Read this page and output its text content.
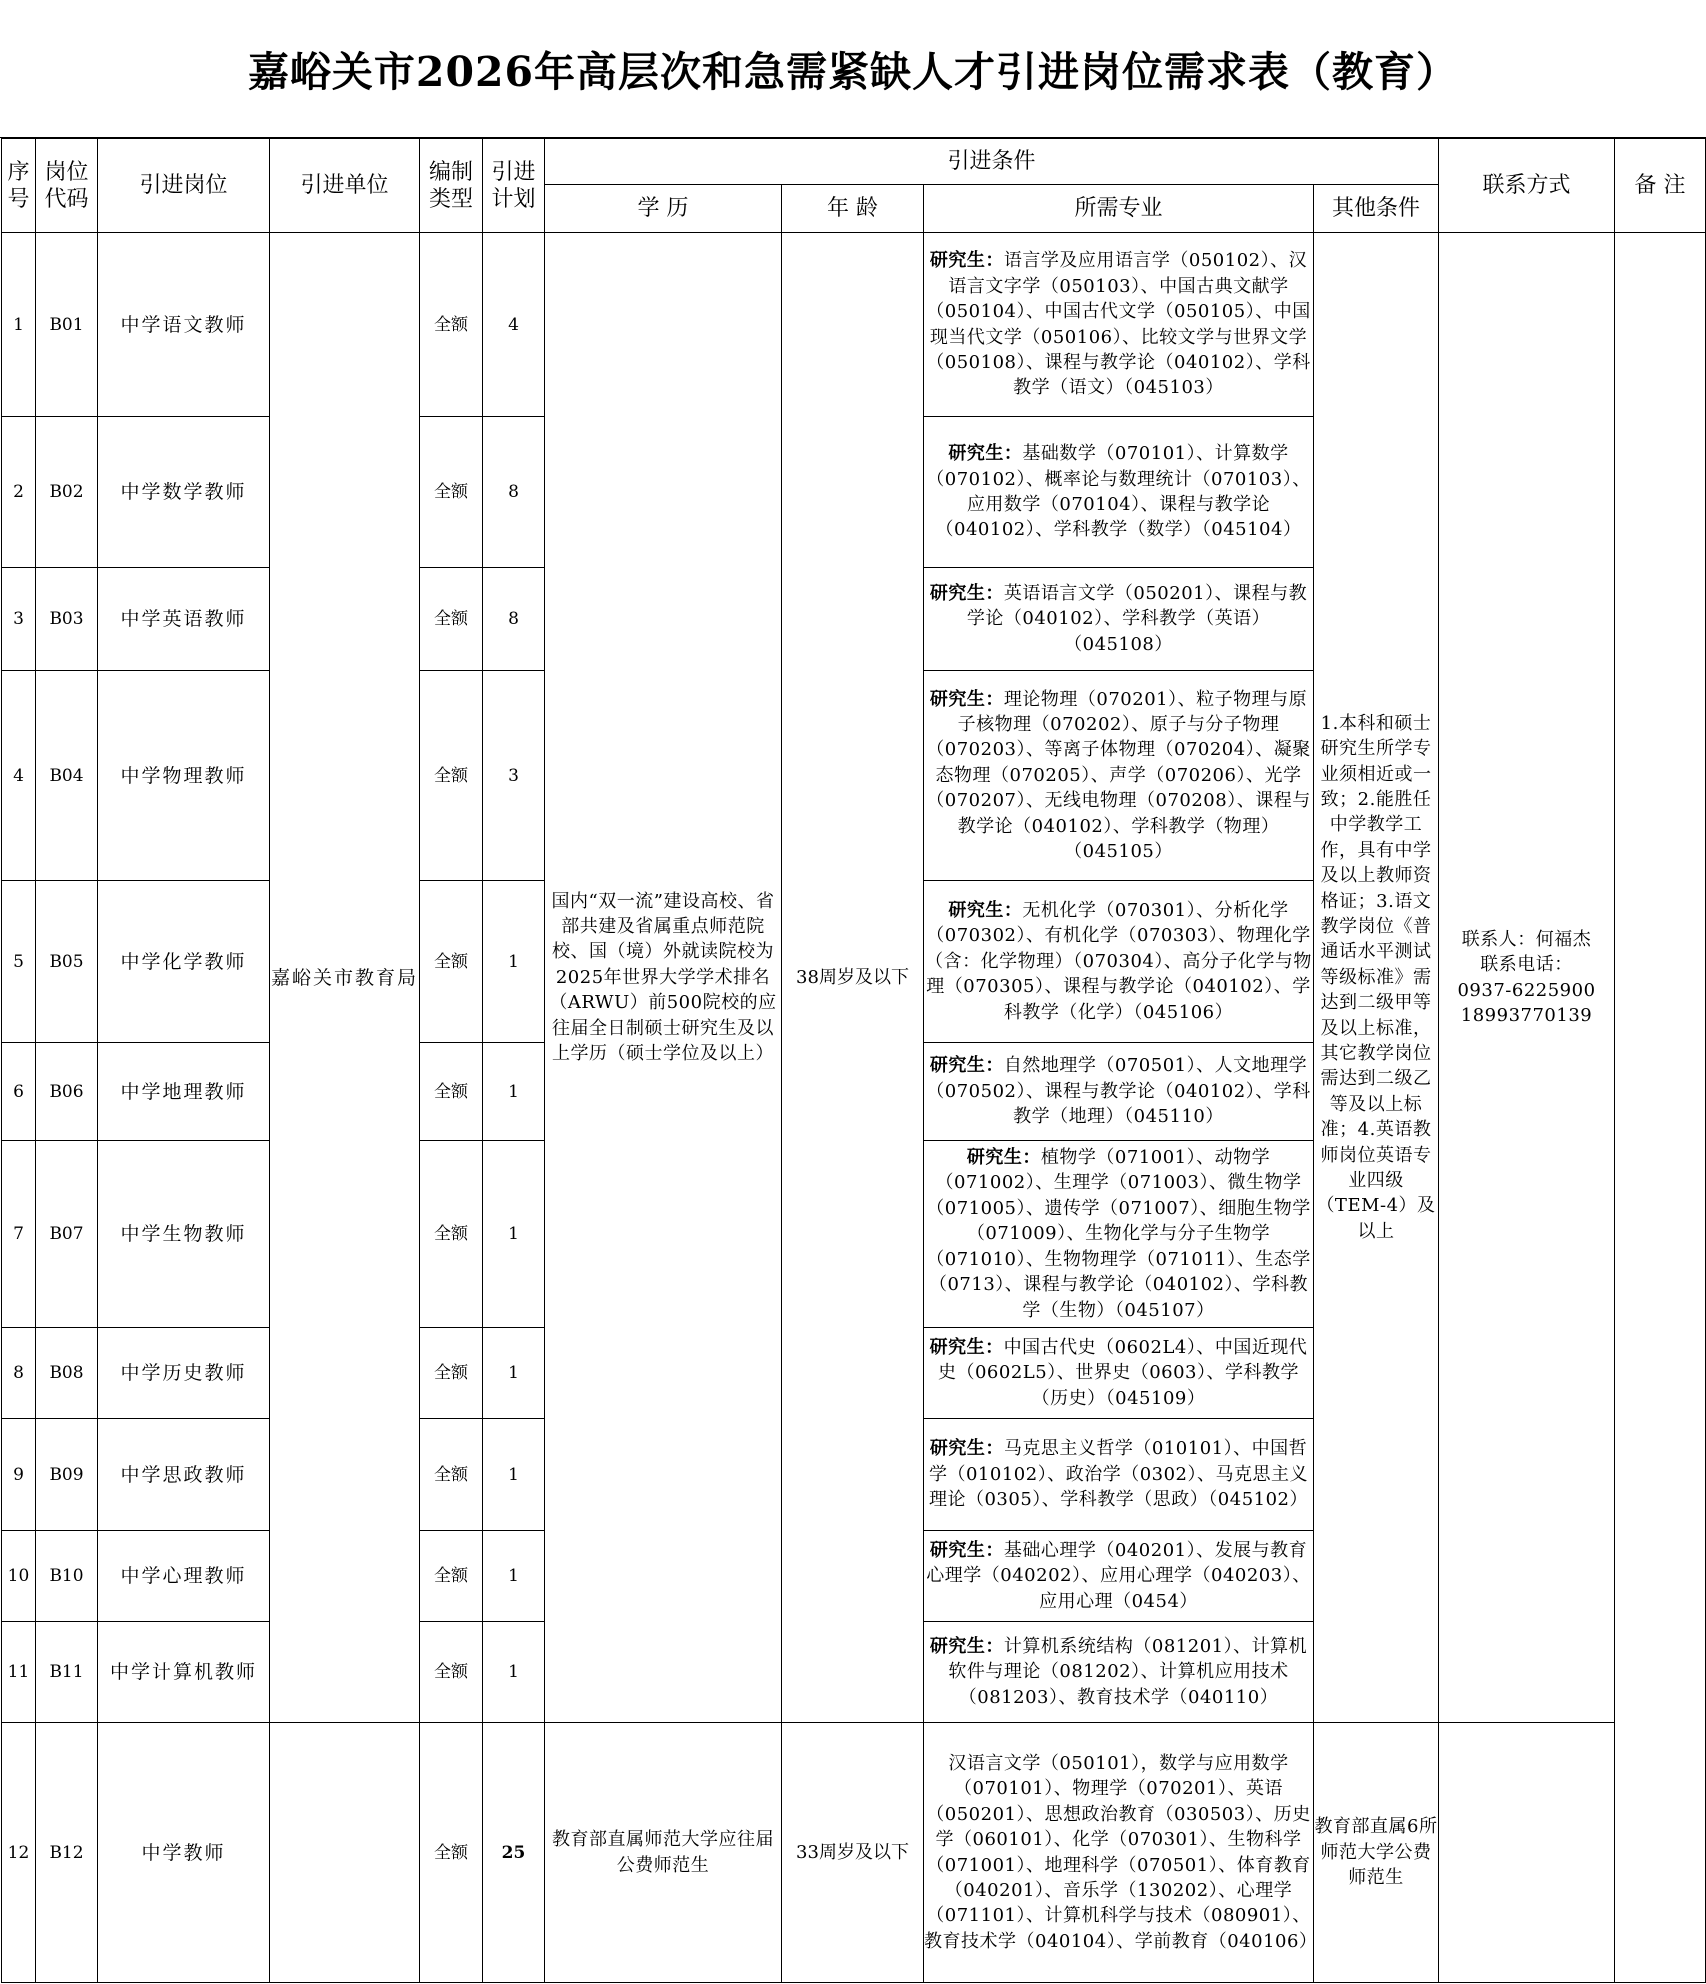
嘉峪关市2026年高层次和急需紧缺人才引进岗位需求表（教育）
序号	岗位代码	引进岗位	引进单位	编制类型	引进计划	引进条件				联系方式	备 注
						学 历	年 龄	所需专业	其他条件		
1	B01	中学语文教师	嘉峪关市教育局	全额	4	国内“双一流”建设高校、省部共建及省属重点师范院校、国（境）外就读院校为2025年世界大学学术排名（ARWU）前500院校的应往届全日制硕士研究生及以上学历（硕士学位及以上）	38周岁及以下	研究生：语言学及应用语言学（050102）、汉语言文字学（050103）、中国古典文献学（050104）、中国古代文学（050105）、中国现当代文学（050106）、比较文学与世界文学（050108）、课程与教学论（040102）、学科教学（语文）（045103）	1.本科和硕士研究生所学专业须相近或一致；2.能胜任中学教学工作，具有中学及以上教师资格证；3.语文教学岗位《普通话水平测试等级标准》需达到二级甲等及以上标准，其它教学岗位需达到二级乙等及以上标准；4.英语教师岗位英语专业四级（TEM-4）及以上	联系人：何福杰
联系电话：
0937-6225900
18993770139	
2	B02	中学数学教师		全额	8			研究生：基础数学（070101）、计算数学（070102）、概率论与数理统计（070103）、应用数学（070104）、课程与教学论（040102）、学科教学（数学）（045104）			
3	B03	中学英语教师		全额	8			研究生：英语语言文学（050201）、课程与教学论（040102）、学科教学（英语）（045108）			
4	B04	中学物理教师		全额	3			研究生：理论物理（070201）、粒子物理与原子核物理（070202）、原子与分子物理（070203）、等离子体物理（070204）、凝聚态物理（070205）、声学（070206）、光学（070207）、无线电物理（070208）、课程与教学论（040102）、学科教学（物理）（045105）			
5	B05	中学化学教师		全额	1			研究生：无机化学（070301）、分析化学（070302）、有机化学（070303）、物理化学（含：化学物理）（070304）、高分子化学与物理（070305）、课程与教学论（040102）、学科教学（化学）（045106）			
6	B06	中学地理教师		全额	1			研究生：自然地理学（070501）、人文地理学（070502）、课程与教学论（040102）、学科教学（地理）（045110）			
7	B07	中学生物教师		全额	1			研究生：植物学（071001）、动物学（071002）、生理学（071003）、微生物学（071005）、遗传学（071007）、细胞生物学（071009）、生物化学与分子生物学（071010）、生物物理学（071011）、生态学（0713）、课程与教学论（040102）、学科教学（生物）（045107）			
8	B08	中学历史教师		全额	1			研究生：中国古代史（0602L4）、中国近现代史（0602L5）、世界史（0603）、学科教学（历史）（045109）			
9	B09	中学思政教师		全额	1			研究生：马克思主义哲学（010101）、中国哲学（010102）、政治学（0302）、马克思主义理论（0305）、学科教学（思政）（045102）			
10	B10	中学心理教师		全额	1			研究生：基础心理学（040201）、发展与教育心理学（040202）、应用心理学（040203）、应用心理（0454）			
11	B11	中学计算机教师		全额	1			研究生：计算机系统结构（081201）、计算机软件与理论（081202）、计算机应用技术（081203）、教育技术学（040110）			
12	B12	中学教师		全额	25	教育部直属师范大学应往届公费师范生	33周岁及以下	汉语言文学（050101），数学与应用数学（070101）、物理学（070201）、英语（050201）、思想政治教育（030503）、历史学（060101）、化学（070301）、生物科学（071001）、地理科学（070501）、体育教育（040201）、音乐学（130202）、心理学（071101）、计算机科学与技术（080901）、教育技术学（040104）、学前教育（040106）	教育部直属6所师范大学公费师范生		
